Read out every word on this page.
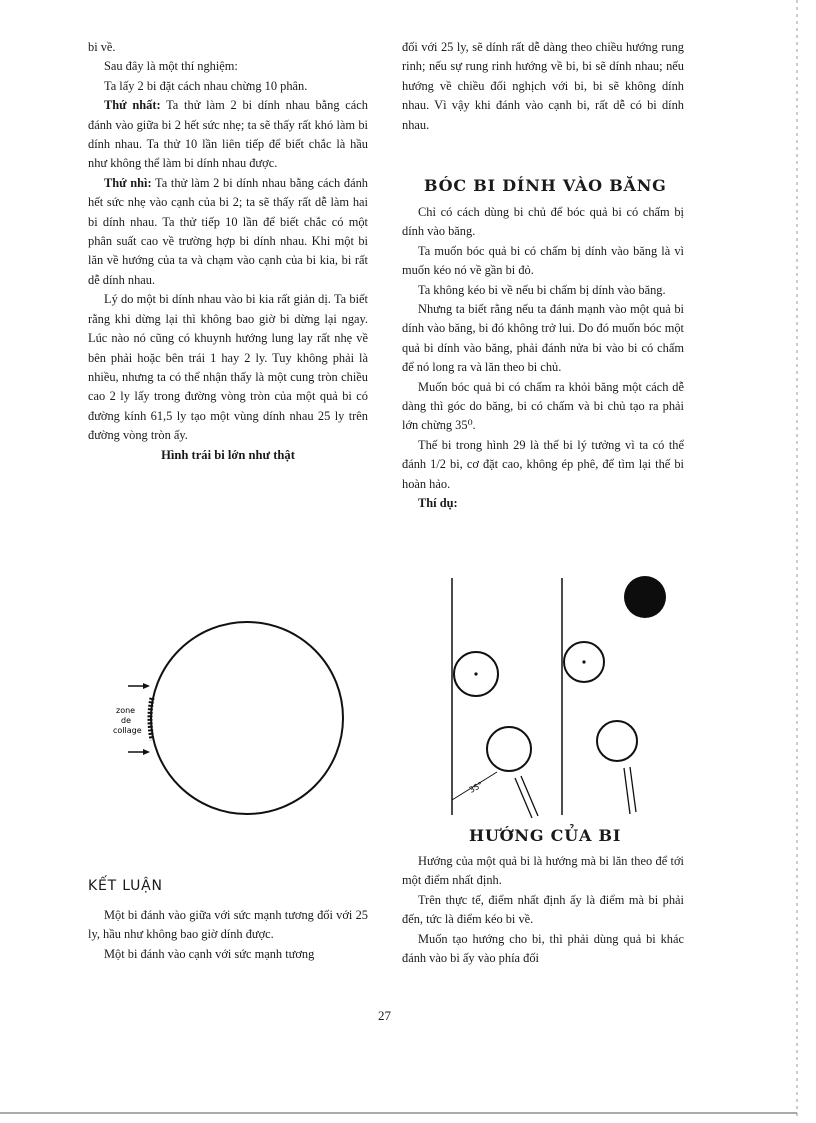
bi về.

Sau đây là một thí nghiệm:

Ta lấy 2 bi đặt cách nhau chừng 10 phân.

Thứ nhất: Ta thử làm 2 bi dính nhau bằng cách đánh vào giữa bi 2 hết sức nhẹ; ta sẽ thấy rất khó làm bi dính nhau. Ta thử 10 lần liên tiếp để biết chắc là hầu như không thể làm bi dính nhau được.

Thứ nhì: Ta thử làm 2 bi dính nhau bằng cách đánh hết sức nhẹ vào cạnh của bi 2; ta sẽ thấy rất dễ làm hai bi dính nhau. Ta thử tiếp 10 lần để biết chắc có một phân suất cao về trường hợp bi dính nhau. Khi một bi lăn về hướng của ta và chạm vào cạnh của bi kia, bi rất dễ dính nhau.

Lý do một bi dính nhau vào bi kia rất giản dị. Ta biết rằng khi dừng lại thì không bao giờ bi dừng lại ngay. Lúc nào nó cũng có khuynh hướng lung lay rất nhẹ về bên phải hoặc bên trái 1 hay 2 ly. Tuy không phải là nhiều, nhưng ta có thể nhận thấy là một cung tròn chiều cao 2 ly lấy trong đường vòng tròn của một quả bi có đường kính 61,5 ly tạo một vùng dính nhau 25 ly trên đường vòng tròn ấy.

Hình trái bi lớn như thật

zone
de
collage
KẾT LUẬN

Một bi đánh vào giữa với sức mạnh tương đối với 25 ly, hầu như không bao giờ dính được.

Một bi đánh vào cạnh với sức mạnh tương

đối với 25 ly, sẽ dính rất dễ dàng theo chiều hướng rung rinh; nếu sự rung rinh hướng về bi, bi sẽ dính nhau; nếu hướng về chiều đối nghịch với bi, bi sẽ không dính nhau. Vì vậy khi đánh vào cạnh bi, rất dễ có bi dính nhau.

BÓC BI DÍNH VÀO BĂNG

Chỉ có cách dùng bi chủ để bóc quả bi có chấm bị dính vào băng.

Ta muốn bóc quả bi có chấm bị dính vào băng là vì muốn kéo nó về gần bi đỏ.

Ta không kéo bi về nếu bi chấm bị dính vào băng.

Nhưng ta biết rằng nếu ta đánh mạnh vào một quả bi dính vào băng, bi đó không trở lui. Do đó muốn bóc một quả bi dính vào băng, phải đánh nửa bi vào bi có chấm để nó long ra và lăn theo bi chủ.

Muốn bóc quả bi có chấm ra khỏi băng một cách dễ dàng thì góc do băng, bi có chấm và bi chủ tạo ra phải lớn chừng 35⁰.

Thế bi trong hình 29 là thế bi lý tưởng vì ta có thể đánh 1/2 bi, cơ đặt cao, không ép phê, để tìm lại thế bi hoàn hảo.

Thí dụ:

35°
HƯỚNG CỦA BI

Hướng của một quả bi là hướng mà bi lăn theo để tới một điểm nhất định.

Trên thực tế, điểm nhất định ấy là điểm mà bi phải đến, tức là điểm kéo bi về.

Muốn tạo hướng cho bi, thì phải dùng quả bi khác đánh vào bi ấy vào phía đối

27
